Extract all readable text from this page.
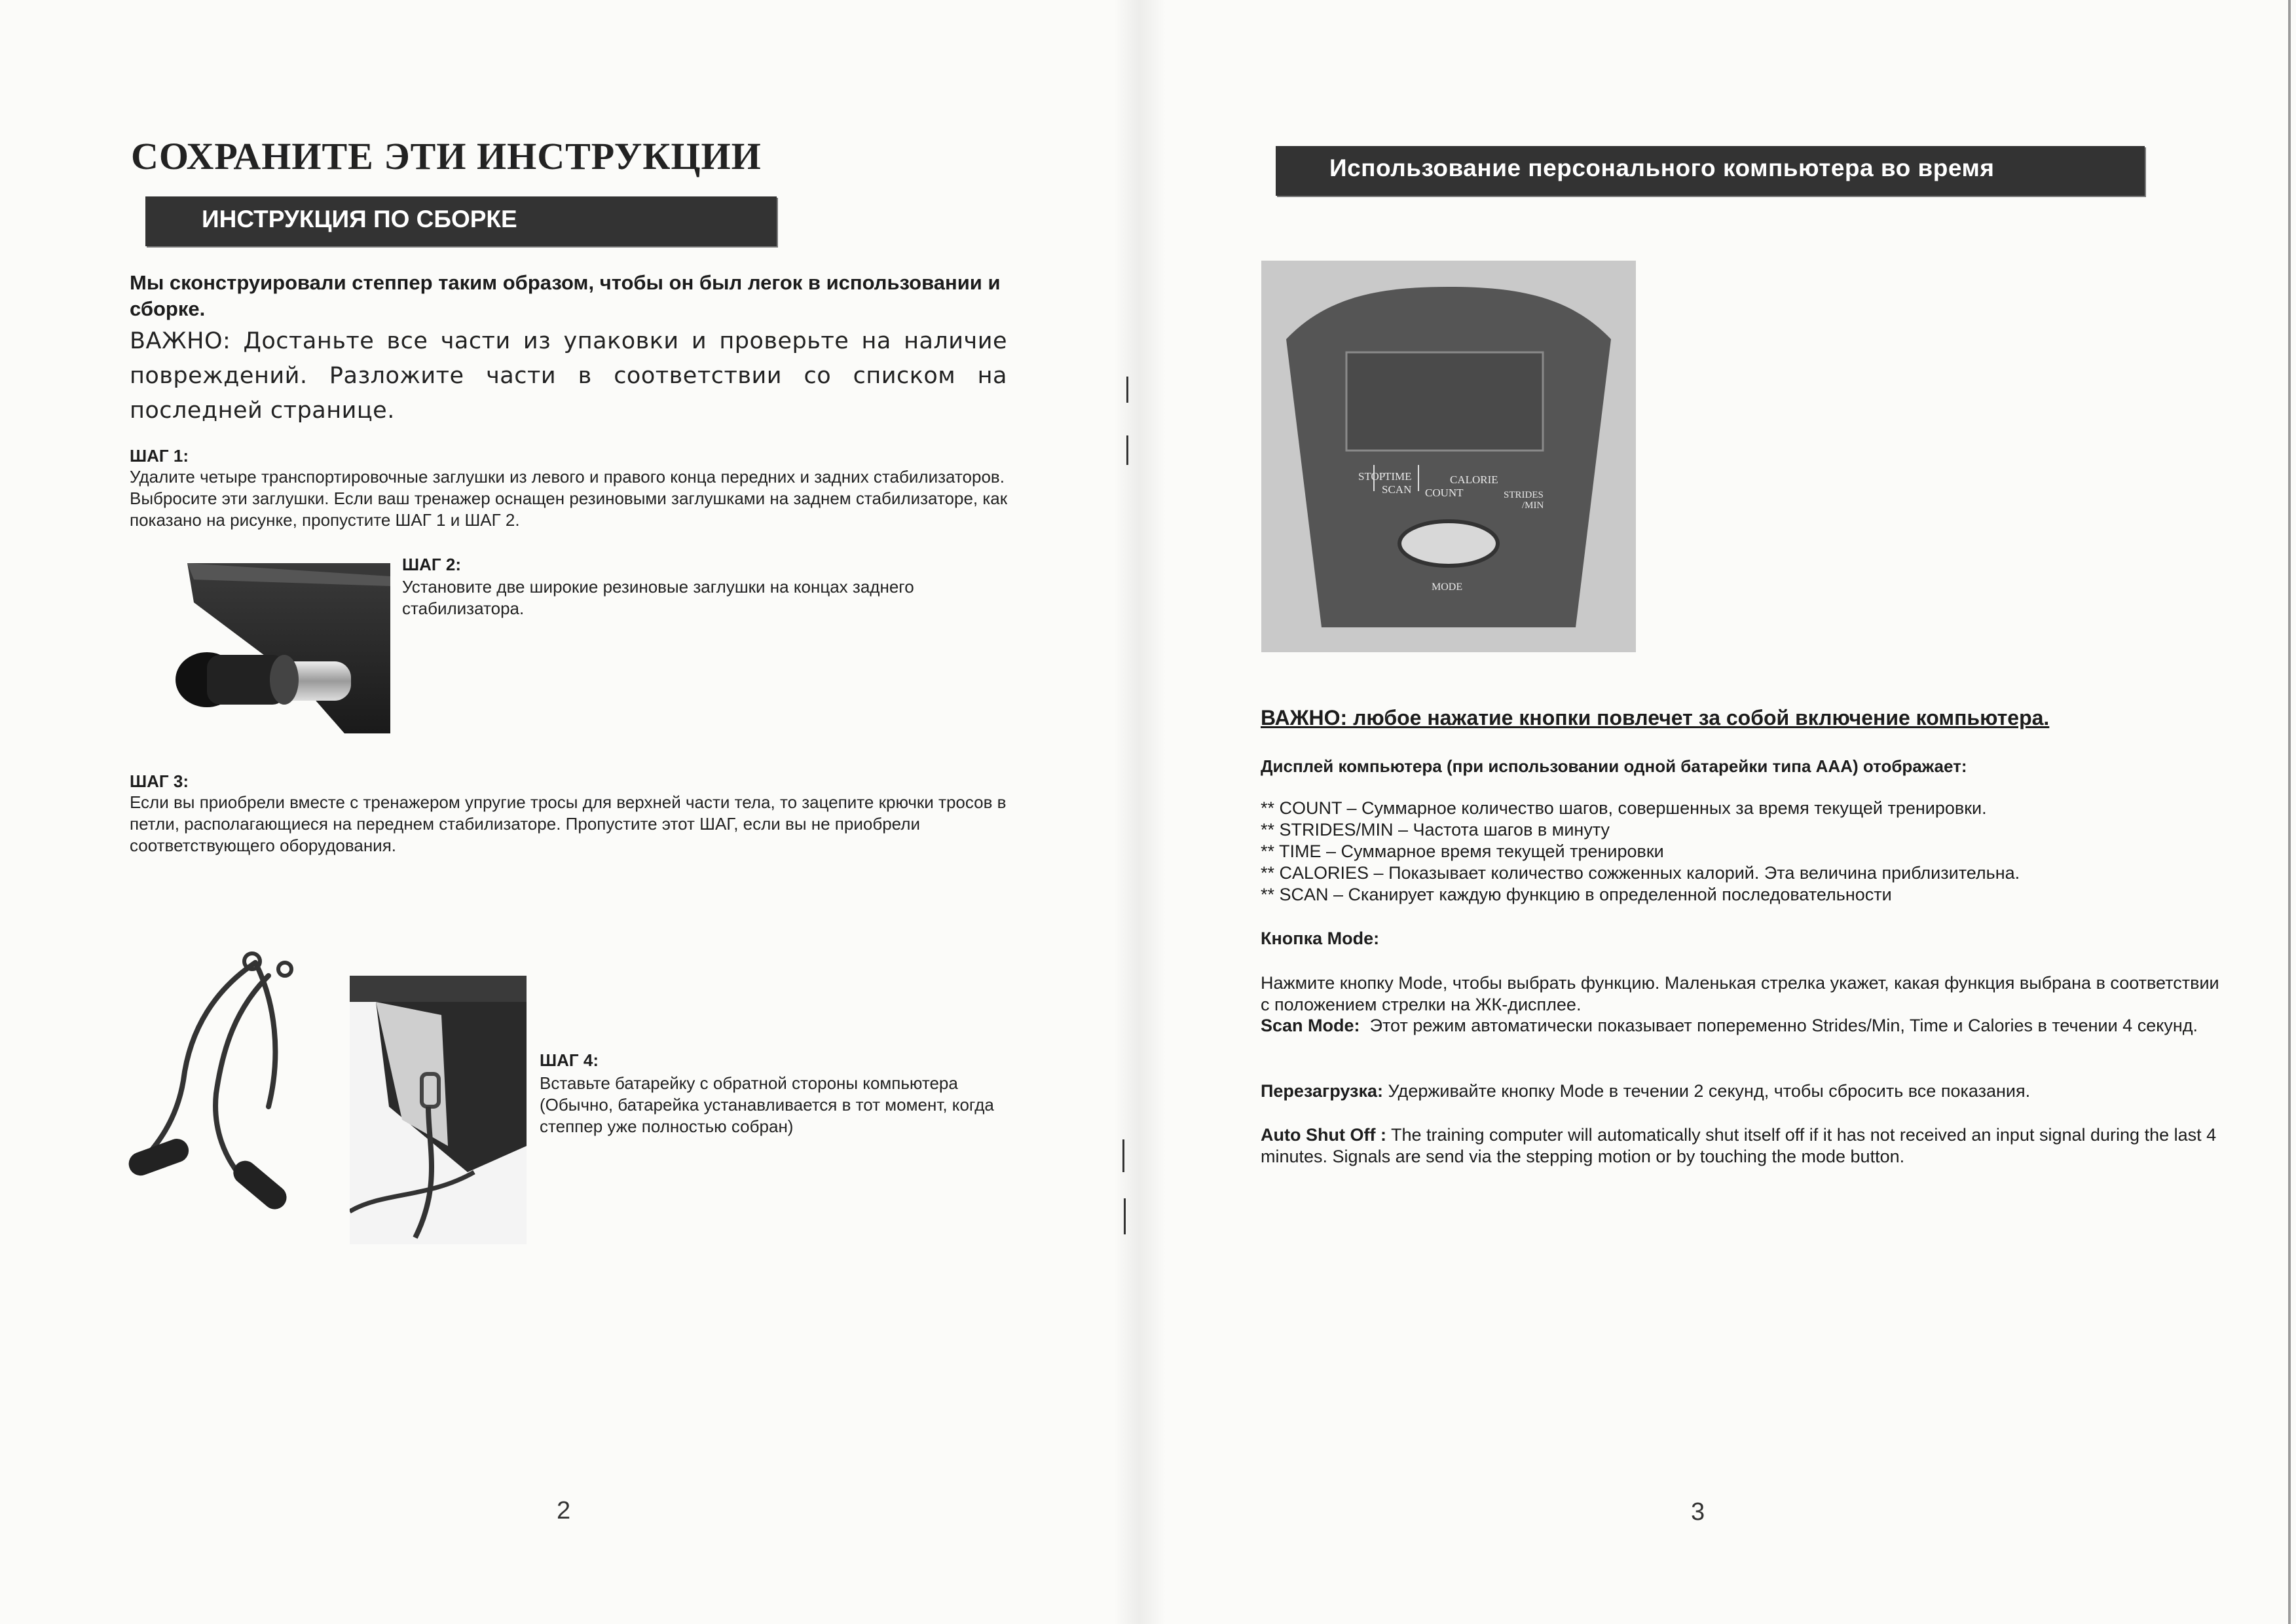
СОХРАНИТЕ ЭТИ ИНСТРУКЦИИ
ИНСТРУКЦИЯ ПО СБОРКЕ
Мы сконструировали степпер таким образом, чтобы он был легок в использовании и сборке.
ВАЖНО: Достаньте все части из упаковки и проверьте на наличие повреждений. Разложите части в соответствии со списком на последней странице.
ШАГ 1:
Удалите четыре транспортировочные заглушки из левого и правого конца передних и задних стабилизаторов. Выбросите эти заглушки. Если ваш тренажер оснащен резиновыми заглушками на заднем стабилизаторе, как показано на рисунке, пропустите ШАГ 1 и ШАГ 2.
ШАГ 2:
Установите две широкие резиновые заглушки на концах заднего стабилизатора.
ШАГ 3:
Если вы приобрели вместе с тренажером упругие тросы для верхней части тела, то зацепите крючки тросов в петли, располагающиеся на переднем стабилизаторе. Пропустите этот ШАГ, если вы не приобрели соответствующего оборудования.
ШАГ 4:
Вставьте батарейку с обратной стороны компьютера (Обычно, батарейка устанавливается в тот момент, когда степпер уже полностью собран)
2
Использование персонального компьютера во время
STOP
TIME	CALORIE
SCAN COUNT	STRIDES
/MIN
MODE
ВАЖНО: любое нажатие кнопки повлечет за собой включение компьютера.
Дисплей компьютера (при использовании одной батарейки типа AAA) отображает:
** COUNT – Суммарное количество шагов, совершенных за время текущей тренировки.
** STRIDES/MIN – Частота шагов в минуту
** TIME – Суммарное время текущей тренировки
** CALORIES – Показывает количество сожженных калорий. Эта величина приблизительна.
** SCAN – Сканирует каждую функцию в определенной последовательности
Кнопка Mode:
Нажмите кнопку Mode, чтобы выбрать функцию. Маленькая стрелка укажет, какая функция выбрана в соответствии с положением стрелки на ЖК-дисплее.
Scan Mode: Этот режим автоматически показывает попеременно Strides/Min, Time и Calories в течении 4 секунд.
Перезагрузка: Удерживайте кнопку Mode в течении 2 секунд, чтобы сбросить все показания.
Auto Shut Off : The training computer will automatically shut itself off if it has not received an input signal during the last 4 minutes. Signals are send via the stepping motion or by touching the mode button.
3
